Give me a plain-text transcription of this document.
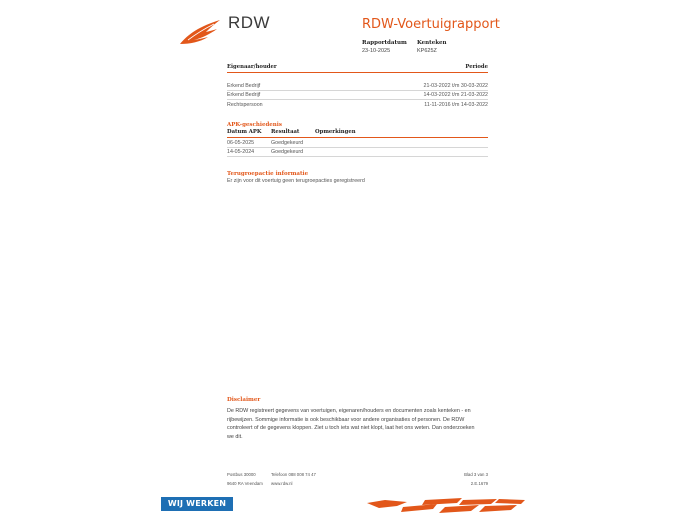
RDW	RDW-Voertuigrapport
Rapportdatum
23-10-2025
Kenteken
KP625Z
Eigenaar/houder	Periode
Erkend Bedrijf	21-03-2022 t/m 30-03-2022
Erkend Bedrijf	14-03-2022 t/m 21-03-2022
Rechtspersoon	11-11-2016 t/m 14-03-2022
APK-geschiedenis
Datum APK	Resultaat	Opmerkingen
06-05-2025	Goedgekeurd
14-05-2024	Goedgekeurd
Terugroepactie informatie
Er zijn voor dit voertuig geen terugroepacties geregistreerd
Disclaimer
De RDW registreert gegevens van voertuigen, eigenaren/houders en documenten zoals kenteken - en
rijbewijzen. Sommige informatie is ook beschikbaar voor andere organisaties of personen. De RDW
controleert of de gegevens kloppen. Ziet u toch iets wat niet klopt, laat het ons weten. Dan onderzoeken
we dit.
Postbus 30000
9640 RA Veendam
Telefoon 088 008 74 47
www.rdw.nl
Blad 3 van 3
2.E.1679
WIJ WERKEN OP AFSPRAAK
